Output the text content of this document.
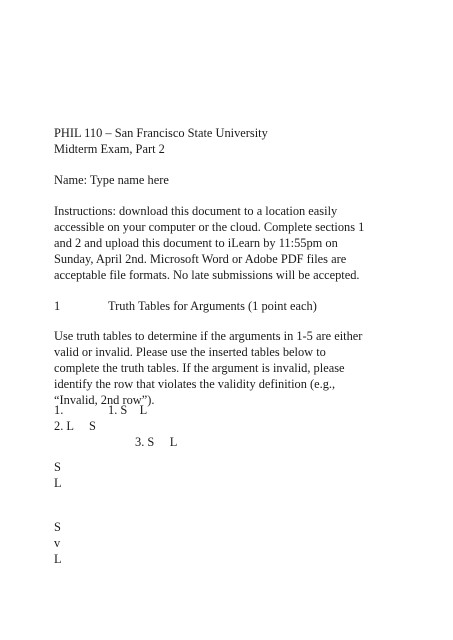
PHIL 110 – San Francisco State University

Midterm Exam, Part 2

Name: Type name here

Instructions: download this document to a location easily

accessible on your computer or the cloud. Complete sections 1

and 2 and upload this document to iLearn by 11:55pm on

Sunday, April 2nd. Microsoft Word or Adobe PDF files are

acceptable file formats. No late submissions will be accepted.

1	Truth Tables for Arguments (1 point each)

Use truth tables to determine if the arguments in 1-5 are either

valid or invalid. Please use the inserted tables below to

complete the truth tables. If the argument is invalid, please

identify the row that violates the validity definition (e.g.,

“Invalid, 2nd row”).

1.	1. S    L

2. L     S

3. S     L

S

L

S

v

L
